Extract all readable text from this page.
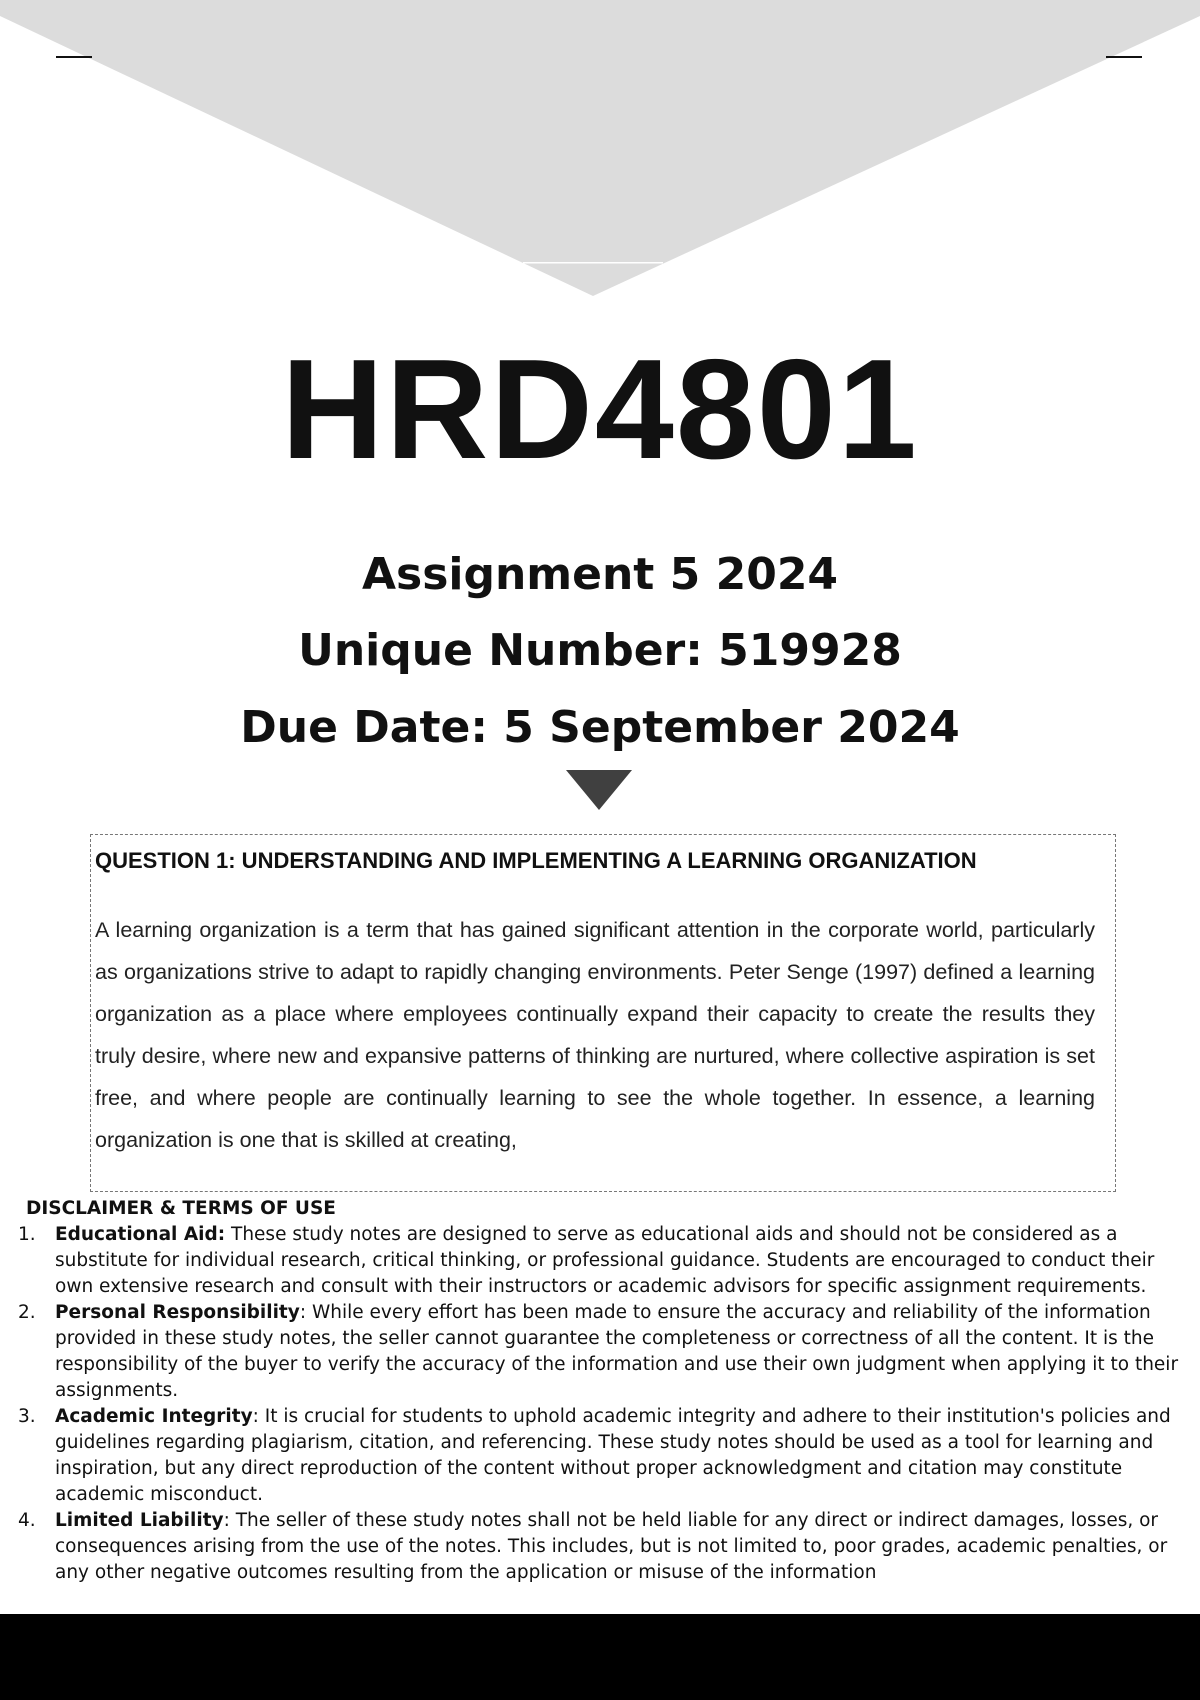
HRD4801
Assignment 5 2024
Unique Number: 519928
Due Date: 5 September 2024

QUESTION 1: UNDERSTANDING AND IMPLEMENTING A LEARNING ORGANIZATION

A learning organization is a term that has gained significant attention in the corporate world, particularly as organizations strive to adapt to rapidly changing environments. Peter Senge (1997) defined a learning organization as a place where employees continually expand their capacity to create the results they truly desire, where new and expansive patterns of thinking are nurtured, where collective aspiration is set free, and where people are continually learning to see the whole together. In essence, a learning organization is one that is skilled at creating,

DISCLAIMER & TERMS OF USE
1. Educational Aid: These study notes are designed to serve as educational aids and should not be considered as a substitute for individual research, critical thinking, or professional guidance. Students are encouraged to conduct their own extensive research and consult with their instructors or academic advisors for specific assignment requirements.
2. Personal Responsibility: While every effort has been made to ensure the accuracy and reliability of the information provided in these study notes, the seller cannot guarantee the completeness or correctness of all the content. It is the responsibility of the buyer to verify the accuracy of the information and use their own judgment when applying it to their assignments.
3. Academic Integrity: It is crucial for students to uphold academic integrity and adhere to their institution's policies and guidelines regarding plagiarism, citation, and referencing. These study notes should be used as a tool for learning and inspiration, but any direct reproduction of the content without proper acknowledgment and citation may constitute academic misconduct.
4. Limited Liability: The seller of these study notes shall not be held liable for any direct or indirect damages, losses, or consequences arising from the use of the notes. This includes, but is not limited to, poor grades, academic penalties, or any other negative outcomes resulting from the application or misuse of the information
